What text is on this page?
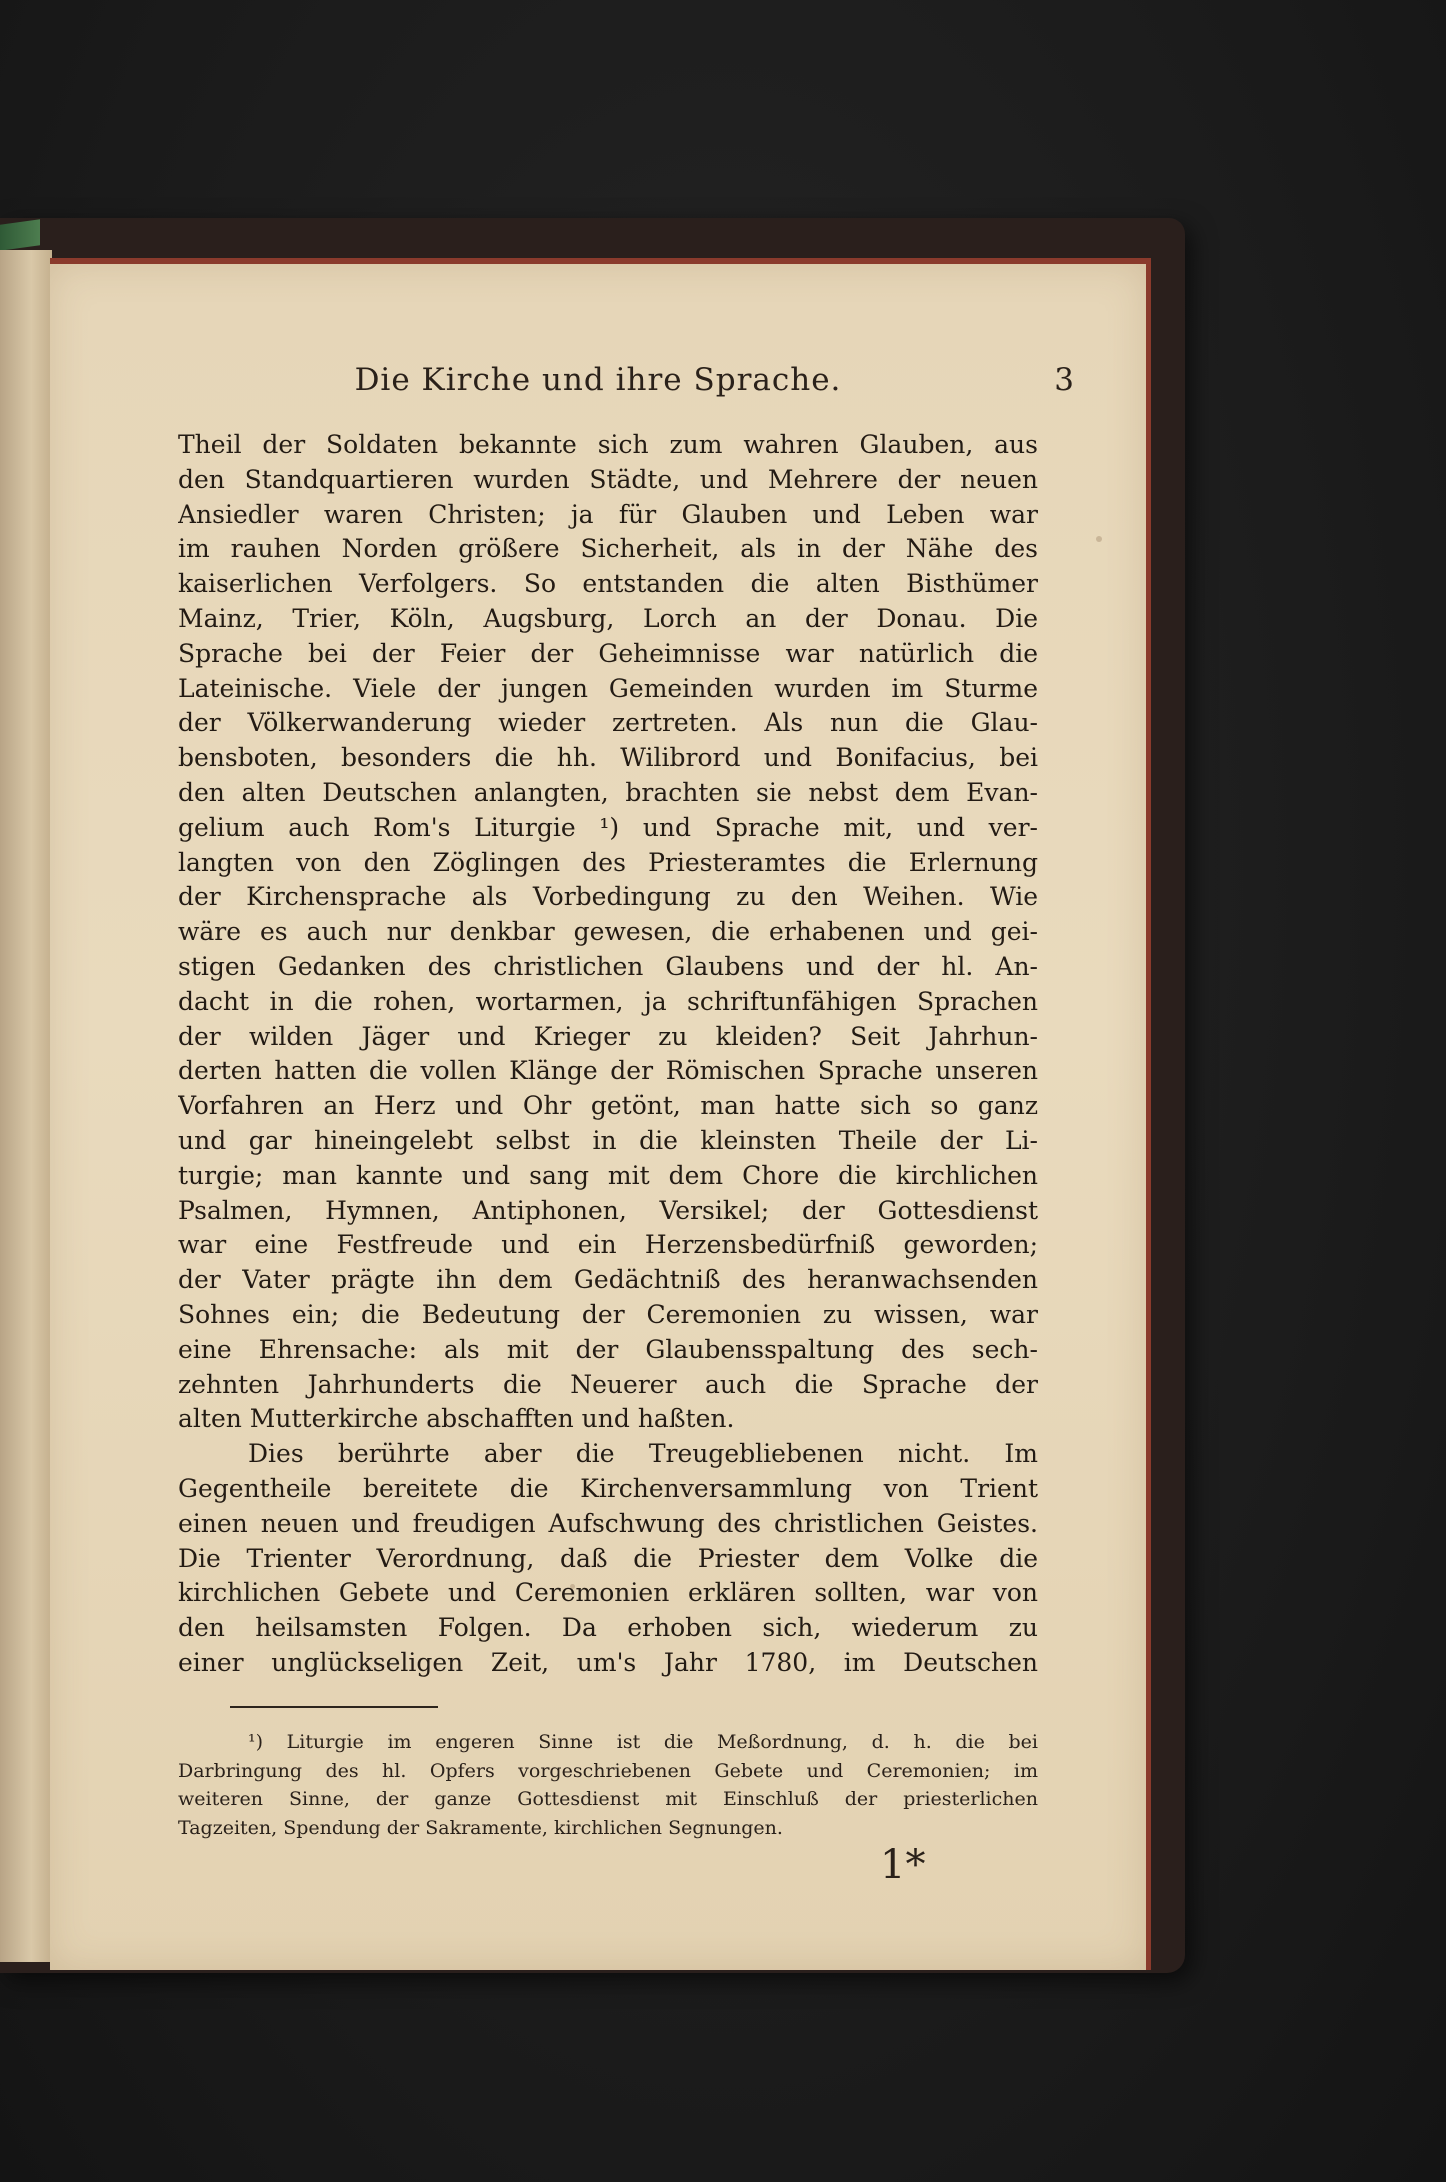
Die Kirche und ihre Sprache.	3
Theil der Soldaten bekannte sich zum wahren Glauben, aus
den Standquartieren wurden Städte, und Mehrere der neuen
Ansiedler waren Christen; ja für Glauben und Leben war
im rauhen Norden größere Sicherheit, als in der Nähe des
kaiserlichen Verfolgers. So entstanden die alten Bisthümer
Mainz, Trier, Köln, Augsburg, Lorch an der Donau. Die
Sprache bei der Feier der Geheimnisse war natürlich die
Lateinische. Viele der jungen Gemeinden wurden im Sturme
der Völkerwanderung wieder zertreten. Als nun die Glau-
bensboten, besonders die hh. Wilibrord und Bonifacius, bei
den alten Deutschen anlangten, brachten sie nebst dem Evan-
gelium auch Rom's Liturgie ¹) und Sprache mit, und ver-
langten von den Zöglingen des Priesteramtes die Erlernung
der Kirchensprache als Vorbedingung zu den Weihen. Wie
wäre es auch nur denkbar gewesen, die erhabenen und gei-
stigen Gedanken des christlichen Glaubens und der hl. An-
dacht in die rohen, wortarmen, ja schriftunfähigen Sprachen
der wilden Jäger und Krieger zu kleiden? Seit Jahrhun-
derten hatten die vollen Klänge der Römischen Sprache unseren
Vorfahren an Herz und Ohr getönt, man hatte sich so ganz
und gar hineingelebt selbst in die kleinsten Theile der Li-
turgie; man kannte und sang mit dem Chore die kirchlichen
Psalmen, Hymnen, Antiphonen, Versikel; der Gottesdienst
war eine Festfreude und ein Herzensbedürfniß geworden;
der Vater prägte ihn dem Gedächtniß des heranwachsenden
Sohnes ein; die Bedeutung der Ceremonien zu wissen, war
eine Ehrensache: als mit der Glaubensspaltung des sech-
zehnten Jahrhunderts die Neuerer auch die Sprache der
alten Mutterkirche abschafften und haßten.
Dies berührte aber die Treugebliebenen nicht. Im
Gegentheile bereitete die Kirchenversammlung von Trient
einen neuen und freudigen Aufschwung des christlichen Geistes.
Die Trienter Verordnung, daß die Priester dem Volke die
kirchlichen Gebete und Ceremonien erklären sollten, war von
den heilsamsten Folgen. Da erhoben sich, wiederum zu
einer unglückseligen Zeit, um's Jahr 1780, im Deutschen
¹) Liturgie im engeren Sinne ist die Meßordnung, d. h. die bei
Darbringung des hl. Opfers vorgeschriebenen Gebete und Ceremonien; im
weiteren Sinne, der ganze Gottesdienst mit Einschluß der priesterlichen
Tagzeiten, Spendung der Sakramente, kirchlichen Segnungen.
1*
